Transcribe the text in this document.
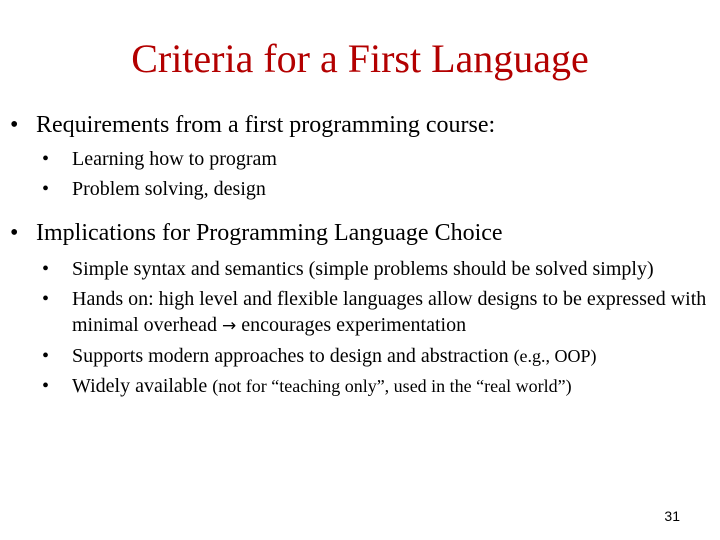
Criteria for a First Language
• Requirements from a first programming course:
• Learning how to program
• Problem solving, design
• Implications for Programming Language Choice
• Simple syntax and semantics (simple problems should be solved simply)
• Hands on: high level and flexible languages allow designs to be expressed with minimal overhead → encourages experimentation
• Supports modern approaches to design and abstraction (e.g., OOP)
• Widely available (not for “teaching only”, used in the “real world”)
31
